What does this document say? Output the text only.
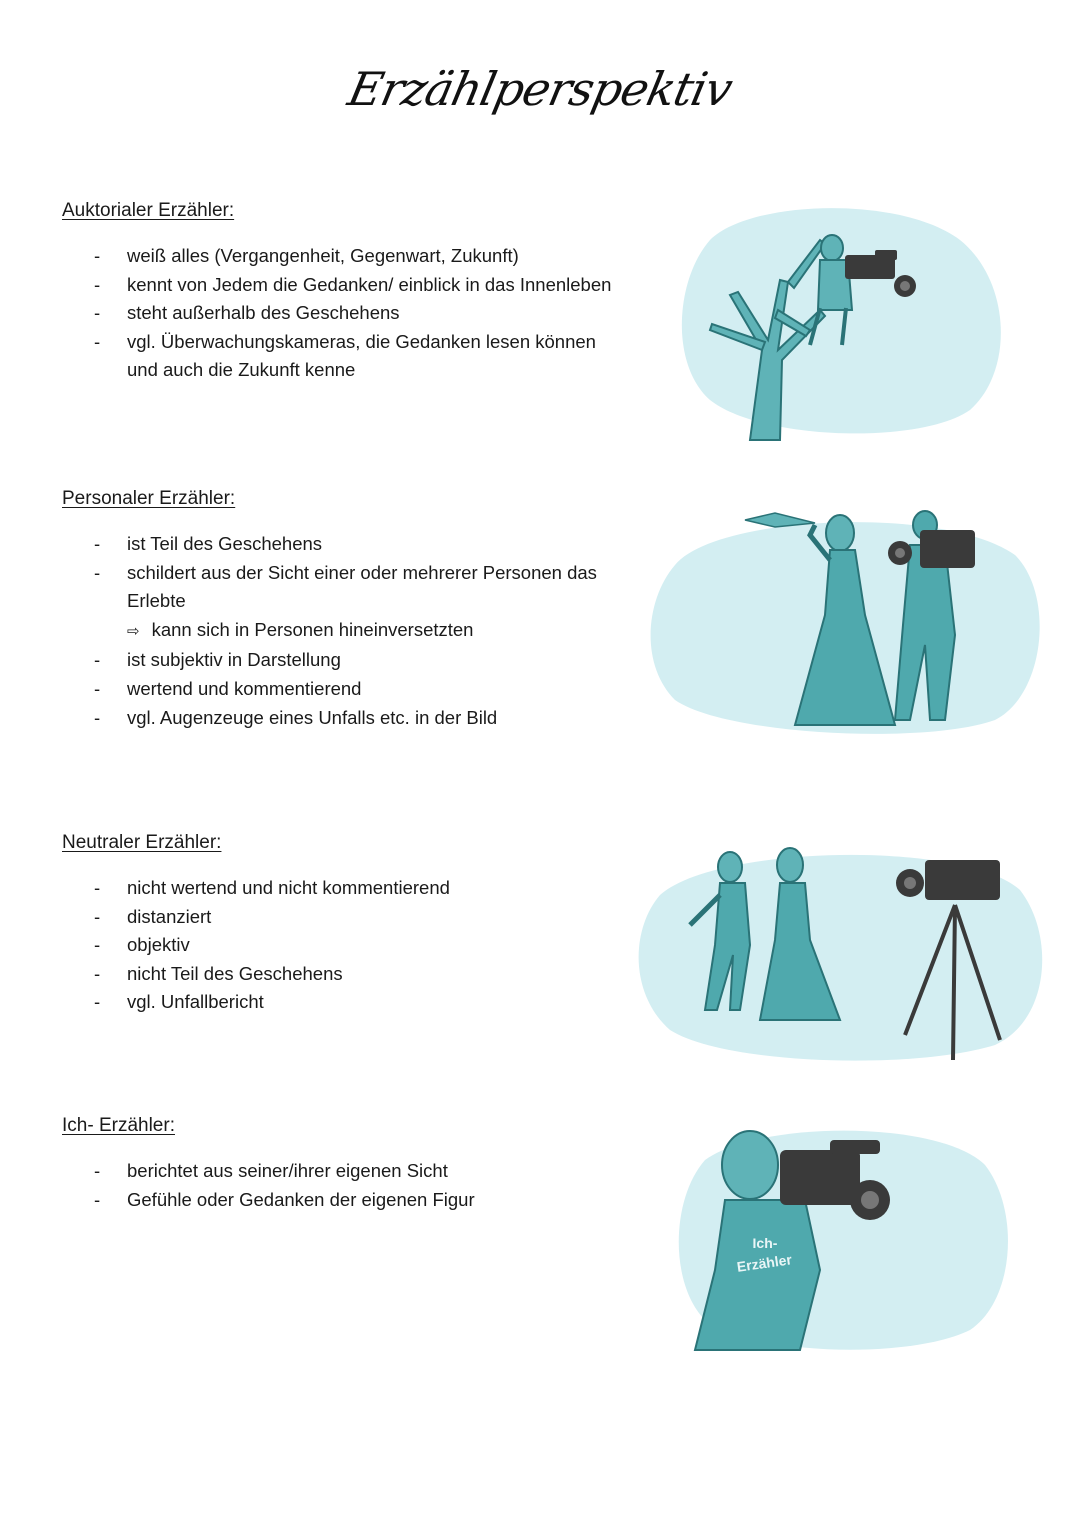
Erzählperspektiv
Auktorialer Erzähler:
- weiß alles (Vergangenheit, Gegenwart, Zukunft)
- kennt von Jedem die Gedanken/ einblick in das Innenleben
- steht außerhalb des Geschehens
- vgl. Überwachungskameras, die Gedanken lesen können
und auch die Zukunft kenne
Personaler Erzähler:
- ist Teil des Geschehens
- schildert aus der Sicht einer oder mehrerer Personen das
Erlebte
⇨ kann sich in Personen hineinversetzten
- ist subjektiv in Darstellung
- wertend und kommentierend
- vgl. Augenzeuge eines Unfalls etc. in der Bild
Neutraler Erzähler:
- nicht wertend und nicht kommentierend
- distanziert
- objektiv
- nicht Teil des Geschehens
- vgl. Unfallbericht
Ich- Erzähler:
- berichtet aus seiner/ihrer eigenen Sicht
- Gefühle oder Gedanken der eigenen Figur
Ich-
Erzähler
